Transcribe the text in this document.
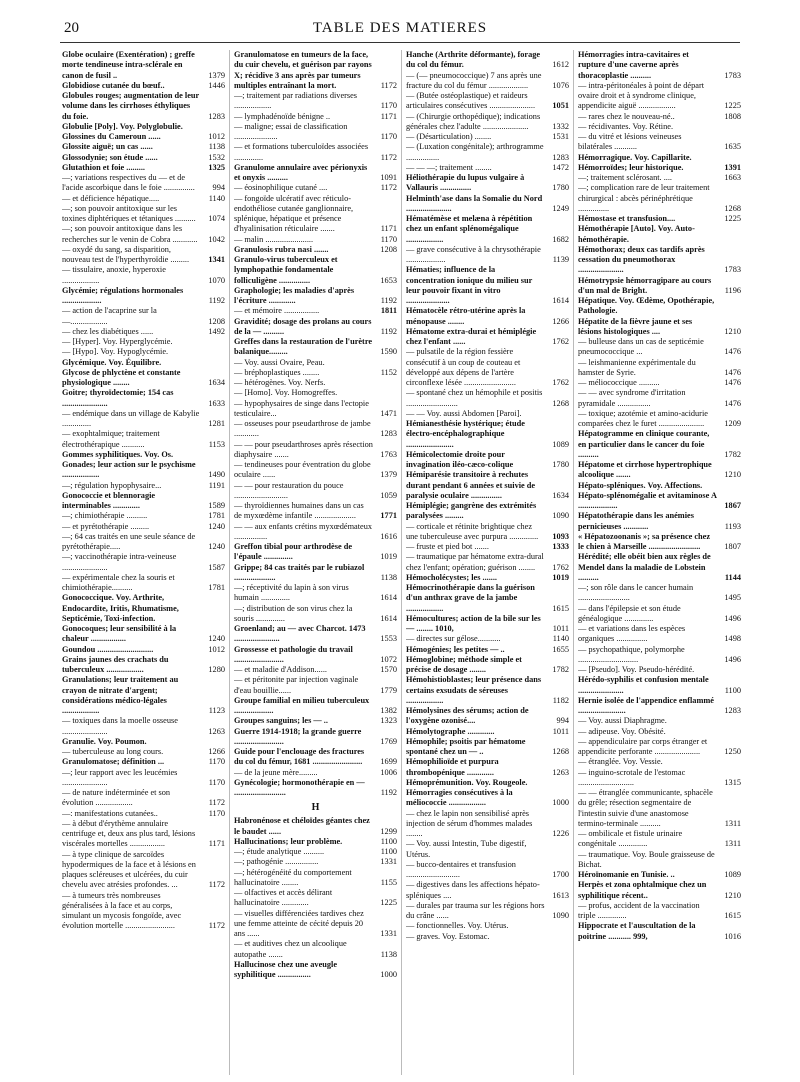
20	TABLE DES MATIERES
Globe oculaire (Exentération) ; greffe morte tendineuse intra-sclérale en canon de fusil ..	1379
Globidiose cutanée du bœuf..	1446
Globules rouges; augmentation de leur volume dans les cirrhoses éthyliques du foie.	1283
Globulie [Poly]. Voy. Polyglobulie.
Glossines du Cameroun ......	1012
Glossite aiguë; un cas ......	1138
Glossodynie; son étude ......	1532
Glutathion et foie .........	1325
—; variations respectives du — et de l'acide ascorbique dans le foie ............... 994
— et déficience hépatique.....	1140
—; son pouvoir antitoxique sur les toxines diphtériques et tétaniques .......... 1074
—; son pouvoir antitoxique dans les recherches sur le venin de Cobra ............ 1042
— oxydé du sang, sa disparition, nouveau test de l'hyperthyroïdie ......... 1341
— tissulaire, anoxie, hyperoxie ..................	1070
Glycémie; régulations hormonales ...................	1192
— action de l'acaprine sur la —..................	1208
— chez les diabétiques ......	1492
— [Hyper]. Voy. Hyperglycémie.
— [Hypo]. Voy. Hypoglycémie.
Glycémique. Voy. Équilibre.
Glycose de phlyctène et constante physiologique ........	1634
Goitre; thyroïdectomie; 154 cas ......................	1633
— endémique dans un village de Kabylie ..............	1281
— exophtalmique; traitement électrothérapique ...........	1153
Gommes syphilitiques. Voy. Os.
Gonades; leur action sur le psychisme ..................	1490
—; régulation hypophysaire...	1191
Gonococcie et blennoragie interminables .............	1589
—; chimiothérapie ..........	1781
— et pyrétothérapie .........	1240
—; 64 cas traités en une seule séance de pyrétothérapie.....	1240
—; vaccinothérapie intra-veineuse ......................	1587
— expérimentale chez la souris et chimiothérapie..........	1781
Gonococcique. Voy. Arthrite, Endocardite, Iritis, Rhumatisme, Septicémie, Toxi-infection.
Gonocoques; leur sensibilité à la chaleur .................	1240
Goundou ...........................	1012
Grains jaunes des crachats du tuberculeux ..................	1280
Granulations; leur traitement au crayon de nitrate d'argent; considérations médico-légales ..................	1123
— toxiques dans la moelle osseuse ......................	1263
Granulie. Voy. Poumon.
— tuberculeuse au long cours.	1266
Granulomatose; définition ...	1170
—; leur rapport avec les leucémies ......................	1170
— de nature indéterminée et son évolution ..................	1172
—: manifestations cutanées..	1170
— à début d'érythème annulaire centrifuge et, deux ans plus tard, lésions viscérales mortelles .................	1171
— à type clinique de sarcoïdes hypodermiques de la face et à lésions en plaques scléreuses et ulcérées, du cuir chevelu avec atrésies profondes. ...	1172
— à tumeurs très nombreuses généralisées à la face et au corps, simulant un mycosis fongoïde, avec évolution mortelle ........................	1172
Granulomatose en tumeurs de la face, du cuir chevelu, et guérison par rayons X; récidive 3 ans après par tumeurs multiples entraînant la mort.	1172
—; traitement par radiations diverses ..................	1170
— lymphadénoïde bénigne ..	1171
— maligne; essai de classification .....................	1170
— et formations tuberculoïdes associées ..............	1172
Granulome annulaire avec périonyxis et onyxis ..........	1091
— éosinophilique cutané ....	1172
— fongoïde ulcératif avec réticulo-endothéliose cutanée ganglionnaire, splénique, hépatique et présence d'hyalinisation réticulaire .......	1171
— malin .......................	1170
Granulosis rubra nasi .......	1208
Granulo-virus tuberculeux et lymphopathie fondamentale folliculigène ...............	1653
Graphologie; les maladies d'après l'écriture .............	1192
— et mémoire .................	1811
Gravidité; dosage des prolans au cours de la — ..........	1192
Greffes dans la restauration de l'urètre balanique.........	1590
— Voy. aussi Ovaire, Peau.
— bréphoplastiques ........	1152
— hétérogènes. Voy. Nerfs.
— [Homo]. Voy. Homogreffes.
— hypophysaires de singe dans l'ectopie testiculaire...	1471
— osseuses pour pseudarthrose de jambe ............	1283
— — pour pseudarthroses après résection diaphysaire .......	1763
— tendineuses pour éventration du globe oculaire ......	1379
— — pour restauration du pouce ..........................	1059
— thyroïdiennes humaines dans un cas de myxœdème infantile ....................	1771
— — aux enfants crétins myxœdémateux ................	1616
Greffon tibial pour arthrodèse de l'épaule ..............	1019
Grippe; 84 cas traités par le rubiazol ....................	1138
—; réceptivité du lapin à son virus humain ..............	1614
—; distribution de son virus chez la souris ..............	1614
Groenland; au — avec Charcot. 1473 ......................	1553
Grossesse et pathologie du travail ........................	1072
— et maladie d'Addison......	1570
— et péritonite par injection vaginale d'eau bouillie......	1779
Groupe familial en milieu tuberculeux ...................	1382
Groupes sanguins; les — ..	1323
Guerre 1914-1918; la grande guerre ........................	1769
Guide pour l'enclouage des fractures du col du fémur, 1681 ........................ 1699
— de la jeune mère.........	1006
Gynécologie; hormonothérapie en — .........................	1192
H
Habronénose et chéloïdes géantes chez le baudet ......	1299
Hallucinations; leur problème.	1100
—; étude analytique ..........	1100
—; pathogénie ................	1331
—; hétérogénéité du comportement hallucinatoire ........	1155
— olfactives et accès délirant hallucinatoire .............	1225
— visuelles différenciées tardives chez une femme atteinte de cécité depuis 20 ans ......	1331
— et auditives chez un alcoolique autopathe .......	1138
Hallucinose chez une aveugle syphilitique ................	1000
Hanche (Arthrite déformante), forage du col du fémur.	1612
— (— pneumococcique) 7 ans après une fracture du col du fémur ...................	1076
— (Butée ostéoplastique) et raideurs articulaires consécutives ...................... 1051
— (Chirurgie orthopédique); indications générales chez l'adulte ......................	1332
— (Désarticulation) ........	1531
— (Luxation congénitale); arthrogramme ................	1283
— — —; traitement ........	1472
Héliothérapie du lupus vulgaire à Vallauris ...............	1780
Helminth'ase dans la Somalie du Nord ......................	1249
Hématémèse et melæna à répétition chez un enfant splénomégalique ..................	1682
— grave consécutive à la chrysothérapie ...................	1139
Hématies; influence de la concentration ionique du milieu sur leur pouvoir fixant in vitro .....................	1614
Hématocèle rétro-utérine après la ménopause ........	1266
Hématome extra-durai et hémiplégie chez l'enfant ......	1762
— pulsatile de la région fessière consécutif à un coup de couteau et développé aux dépens de l'artère circonflexe lésée .........................	1762
— spontané chez un hémophile et positis .........................	1268
— — Voy. aussi Abdomen [Paroi].
Hémianesthésie hystérique; étude électro-encéphalographique .......................	1089
Hémicolectomie droite pour invagination iléo-cæco-colique	1780
Hémiparésie transitoire à rechutes durant pendant 6 années et suivie de paralysie oculaire ...............	1634
Hémiplégie; gangrène des extrémités paralysées .........	1090
— corticale et rétinite brightique chez une tuberculeuse avec purpura .............. 1093
— fruste et pied bot .......	1333
— traumatique par hématome extra-dural chez l'enfant; opération; guérison ........ 1762
Hémocholécystes; les .......	1019
Hémocrinothérapie dans la guérison d'un anthrax grave de la jambe ..................	1615
Hémocultures; action de la bile sur les — ........ 1010,	1011
— directes sur gélose...........	1140
Hémogénies; les petites — ..	1655
Hémoglobine; méthode simple et précise de dosage ........	1782
Hémohistioblastes; leur présence dans certains exsudats de séreuses ..................	1182
Hémolysines des sérums; action de l'oxygène ozonisé....	994
Hémolytographe .............	1011
Hémophile; psoitis par hématome spontané chez un — ..	1268
Hémophilioïde et purpura thrombopénique .............	1263
Hémoprémunition. Voy. Rougeole.
Hémorragies consécutives à la méliococcie ..................	1000
— chez le lapin non sensibilisé après injection de sérum d'hommes malades ........	1226
— Voy. aussi Intestin, Tube digestif, Utérus.
— bucco-dentaires et transfusion ..........................	1700
— digestives dans les affections hépato-spléniques ....	1613
— durales par trauma sur les régions hors du crâne ......	1090
— fonctionnelles. Voy. Utérus.
— graves. Voy. Estomac.
Hémorragies intra-cavitaires et rupture d'une caverne après thoracoplastie ..........	1783
— intra-péritonéales à point de départ ovaire droit et à syndrome clinique, appendicite aiguë ..................	1225
— rares chez le nouveau-né..	1808
— récidivantes. Voy. Rétine.
— du vitré et lésions veineuses bilatérales ...........	1635
Hémorragique. Voy. Capillarite.
Hémorroïdes; leur historique.	1391
—; traitement sclérosant. ....	1663
—; complication rare de leur traitement chirurgical : abcès périnéphrétique ...............	1268
Hémostase et transfusion....	1225
Hémothérapie [Auto]. Voy. Auto-hémothérapie.
Hémothorax; deux cas tardifs après cessation du pneumothorax ......................	1783
Hémotrypsie hémorragipare au cours d'un mal de Bright.	1196
Hépatique. Voy. Œdème, Opothérapie, Pathologie.
Hépatite de la fièvre jaune et ses lésions histologiques ....	1210
— bulleuse dans un cas de septicémie pneumococcique ...	1476
— leishmanienne expérimentale du hamster de Syrie.	1476
— méliococcique ..........	1476
— — avec syndrome d'irritation pyramidale ................	1476
— toxique; azotémie et amino-acidurie comparées chez le furet ...................... 1209
Hépatogramme en clinique courante, en particulier dans le cancer du foie ..........	1782
Hépatome et cirrhose hypertrophique alcoolique .......	1210
Hépato-spléniques. Voy. Affections.
Hépato-splénomégalie et avitaminose A ...................	1867
Hépatothérapie dans les anémies pernicieuses ............	1193
« Hépatozoonanis »; sa présence chez le chien à Marseille .........................	1807
Hérédité; elle obéit bien aux règles de Mendel dans la maladie de Lobstein ..........	1144
—; son rôle dans le cancer humain .........................	1495
— dans l'épilepsie et son étude généalogique ..............	1496
— et variations dans les espèces organiques ...............	1498
— psychopathique, polymorphe .............................	1496
— [Pseudo]. Voy. Pseudo-hérédité.
Hérédo-syphilis et confusion mentale ......................	1100
Hernie isolée de l'appendice enflammé .......................	1283
— Voy. aussi Diaphragme.
— adipeuse. Voy. Obésité.
— appendiculaire par corps étranger et appendicite perforante ......................	1250
— étranglée. Voy. Vessie.
— inguino-scrotale de l'estomac ...........................	1315
— — étranglée communicante, sphacèle du grêle; résection segmentaire de l'intestin suivie d'une anastomose termino-terminale ..........	1311
— ombilicale et fistule urinaire congénitale ..............	1311
— traumatique. Voy. Boule graisseuse de Bichat.
Héroïnomanie en Tunisie. ..	1089
Herpès et zona ophtalmique chez un syphilitique récent..	1210
— profus, accident de la vaccination triple ..............	1615
Hippocrate et l'auscultation de la poitrine ........... 999,	1016
